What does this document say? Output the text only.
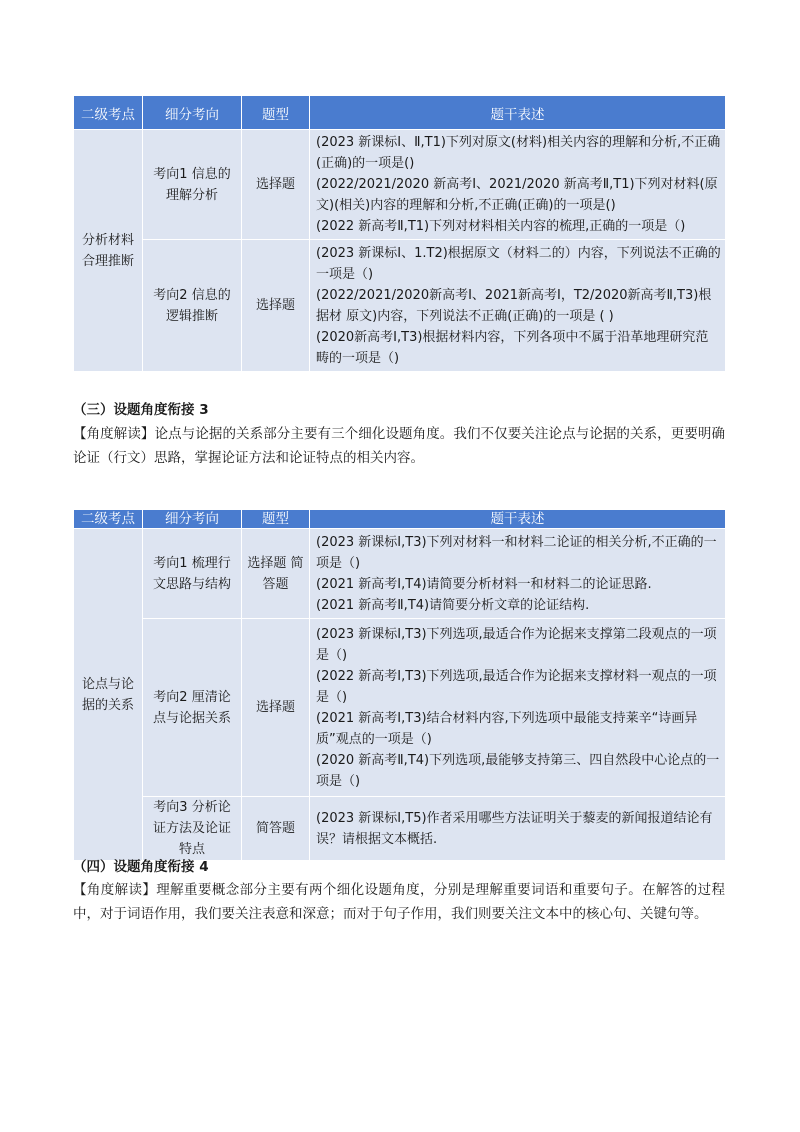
二级考点	细分考向	题型	题干表述
分析材料合理推断	考向1 信息的理解分析	选择题	(2023 新课标Ⅰ、Ⅱ,T1)下列对原文(材料)相关内容的理解和分析,不正确(正确)的一项是()

(2022/2021/2020 新高考Ⅰ、2021/2020 新高考Ⅱ,T1)下列对材料(原文)(相关)内容的理解和分析,不正确(正确)的一项是()

(2022 新高考Ⅱ,T1)下列对材料相关内容的梳理,正确的一项是（)

	考向2 信息的逻辑推断	选择题	(2023 新课标Ⅰ、1.T2)根据原文（材料二的）内容，下列说法不正确的一项是（)

(2022/2021/2020新高考Ⅰ、2021新高考Ⅰ，T2/2020新高考Ⅱ,T3)根据材 原文)内容，下列说法不正确(正确)的一项是 ( )

(2020新高考Ⅰ,T3)根据材料内容，下列各项中不属于沿革地理研究范畴的一项是（)

（三）设题角度衔接 3

【角度解读】论点与论据的关系部分主要有三个细化设题角度。我们不仅要关注论点与论据的关系，更要明确论证（行文）思路，掌握论证方法和论证特点的相关内容。

二级考点	细分考向	题型	题干表述
论点与论据的关系	考向1 梳理行文思路与结构	选择题 简答题	(2023 新课标Ⅰ,T3)下列对材料一和材料二论证的相关分析,不正确的一项是（)

(2021 新高考Ⅰ,T4)请简要分析材料一和材料二的论证思路.

(2021 新高考Ⅱ,T4)请简要分析文章的论证结构.

	考向2 厘清论点与论据关系	选择题	(2023 新课标Ⅰ,T3)下列选项,最适合作为论据来支撑第二段观点的一项是（)

(2022 新高考Ⅰ,T3)下列选项,最适合作为论据来支撑材料一观点的一项是（)

(2021 新高考Ⅰ,T3)结合材料内容,下列选项中最能支持莱辛“诗画异质”观点的一项是（)

(2020 新高考Ⅱ,T4)下列选项,最能够支持第三、四自然段中心论点的一项是（)

	考向3 分析论证方法及论证特点	简答题	(2023 新课标Ⅰ,T5)作者采用哪些方法证明关于藜麦的新闻报道结论有误？请根据文本概括.

（四）设题角度衔接 4

【角度解读】理解重要概念部分主要有两个细化设题角度，分别是理解重要词语和重要句子。在解答的过程中，对于词语作用，我们要关注表意和深意；而对于句子作用，我们则要关注文本中的核心句、关键句等。
